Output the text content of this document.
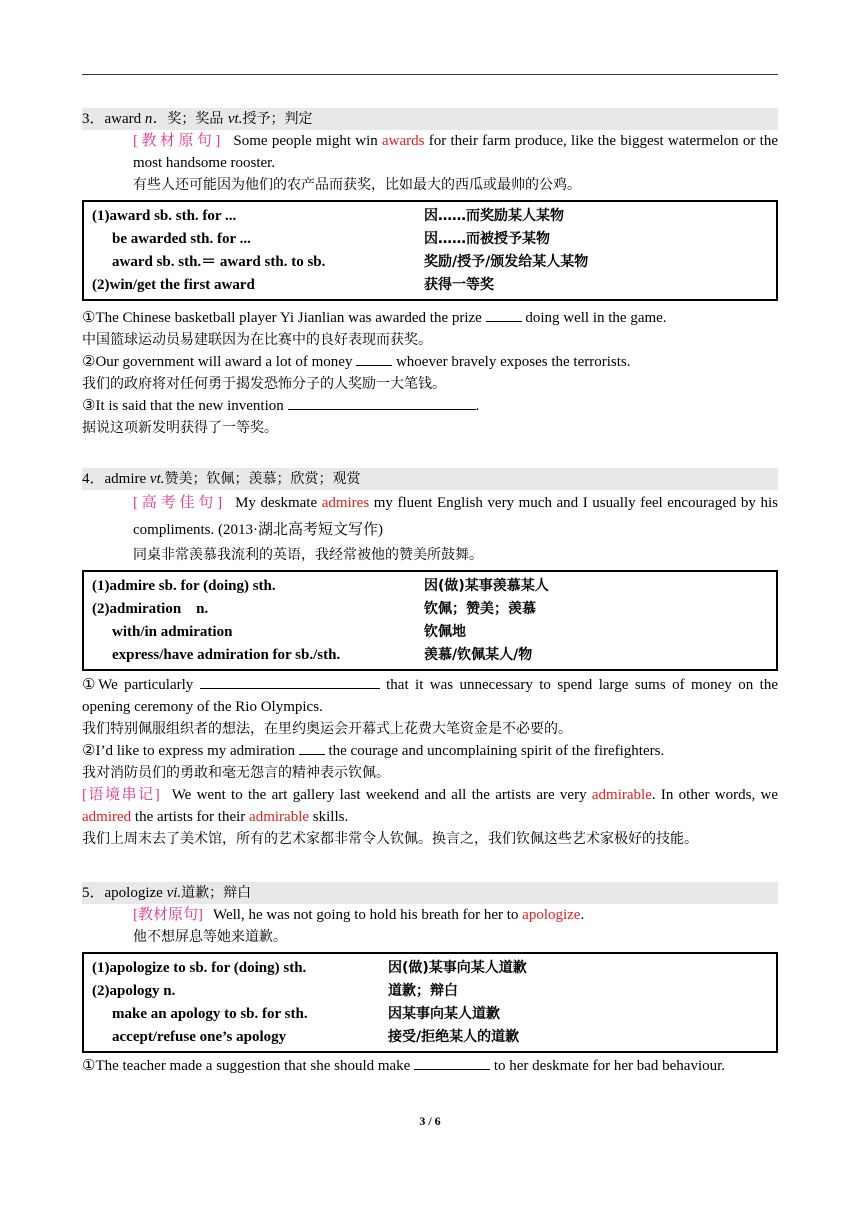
3．award n．奖；奖品 vt.授予；判定
[教材原句] Some people might win awards for their farm produce, like the biggest watermelon or the most handsome rooster.
有些人还可能因为他们的农产品而获奖，比如最大的西瓜或最帅的公鸡。
(1)award sb. sth. for ...	因……而奖励某人某物
be awarded sth. for ...	因……而被授予某物
award sb. sth.＝ award sth. to sb.	奖励/授予/颁发给某人某物
(2)win/get the first award	获得一等奖
①The Chinese basketball player Yi Jianlian was awarded the prize  doing well in the game.
中国篮球运动员易建联因为在比赛中的良好表现而获奖。
②Our government will award a lot of money  whoever bravely exposes the terrorists.
我们的政府将对任何勇于揭发恐怖分子的人奖励一大笔钱。
③It is said that the new invention	.
据说这项新发明获得了一等奖。
4．admire vt.赞美；钦佩；羡慕；欣赏；观赏
[高考佳句] My deskmate admires my fluent English very much and I usually feel encouraged by his compliments. (2013·湖北高考短文写作)
同桌非常羡慕我流利的英语，我经常被他的赞美所鼓舞。
(1)admire sb. for (doing) sth.	因(做)某事羡慕某人
(2)admiration    n.	钦佩；赞美；羡慕
with/in admiration	钦佩地
express/have admiration for sb./sth.	羡慕/钦佩某人/物
①We particularly	that it was unnecessary to spend large sums of money on the opening ceremony of the Rio Olympics.
我们特别佩服组织者的想法，在里约奥运会开幕式上花费大笔资金是不必要的。
②I’d like to express my admiration  the courage and uncomplaining spirit of the firefighters.
我对消防员们的勇敢和毫无怨言的精神表示钦佩。
[语境串记] We went to the art gallery last weekend and all the artists are very admirable. In other words, we admired the artists for their admirable skills.
我们上周末去了美术馆，所有的艺术家都非常令人钦佩。换言之，我们钦佩这些艺术家极好的技能。
5．apologize vi.道歉；辩白
[教材原句] Well, he was not going to hold his breath for her to apologize.
他不想屏息等她来道歉。
(1)apologize to sb. for (doing) sth.	因(做)某事向某人道歉
(2)apology n.	道歉；辩白
make an apology to sb. for sth.	因某事向某人道歉
accept/refuse one’s apology	接受/拒绝某人的道歉
①The teacher made a suggestion that she should make	to her deskmate for her bad behaviour.
3 / 6
